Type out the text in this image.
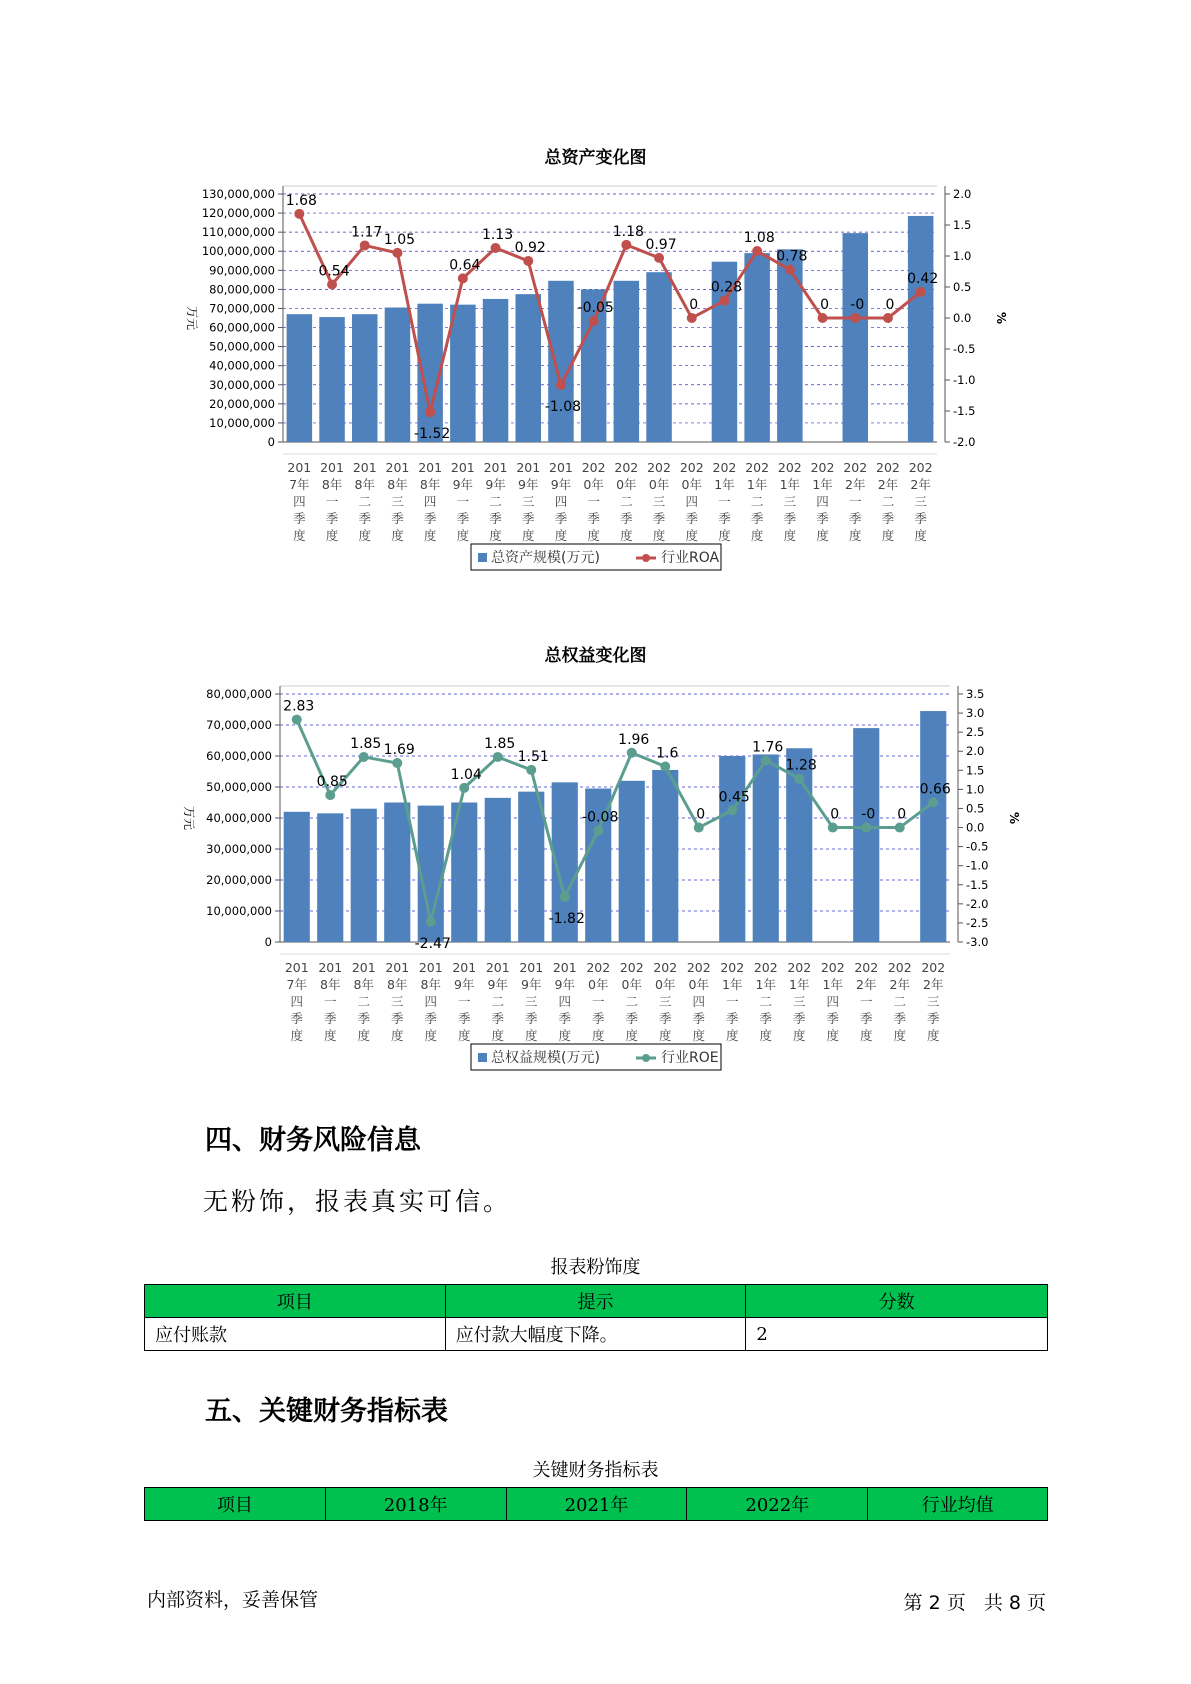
总资产变化图
130,000,000
120,000,000
110,000,000
100,000,000
90,000,000
80,000,000
70,000,000
60,000,000
50,000,000
40,000,000
30,000,000
20,000,000
10,000,000
0
2.0
1.5
1.0
0.5
0.0
-0.5
-1.0
-1.5
-2.0
万元	%
201
7年
四
季
度
201
8年
一
季
度
201
8年
二
季
度
201
8年
三
季
度
201
8年
四
季
度
201
9年
一
季
度
201
9年
二
季
度
201
9年
三
季
度
201
9年
四
季
度
202
0年
一
季
度
202
0年
二
季
度
202
0年
三
季
度
202
0年
四
季
度
202
1年
一
季
度
202
1年
二
季
度
202
1年
三
季
度
202
1年
四
季
度
202
2年
一
季
度
202
2年
二
季
度
202
2年
三
季
度
1.68
0.54
1.17 1.05
-1.52
0.64
1.13
0.92
-1.08
-0.05
1.18
0.97
0
0.28
1.08
0.78
0 -0 0
0.42
总资产规模(万元)	行业ROA
总权益变化图
80,000,000
70,000,000
60,000,000
50,000,000
40,000,000
30,000,000
20,000,000
10,000,000
0
3.5
3.0
2.5
2.0
1.5
1.0
0.5
0.0
-0.5
-1.0
-1.5
-2.0
-2.5
-3.0
万元	%
201
7年
四
季
度
201
8年
一
季
度
201
8年
二
季
度
201
8年
三
季
度
201
8年
四
季
度
201
9年
一
季
度
201
9年
二
季
度
201
9年
三
季
度
201
9年
四
季
度
202
0年
一
季
度
202
0年
二
季
度
202
0年
三
季
度
202
0年
四
季
度
202
1年
一
季
度
202
1年
二
季
度
202
1年
三
季
度
202
1年
四
季
度
202
2年
一
季
度
202
2年
二
季
度
202
2年
三
季
度
2.83
0.85
1.85 1.69
-2.47
1.04
1.85
1.51
-1.82
-0.08
1.96
1.6
0
0.45
1.76
1.28
0 -0 0
0.66
总权益规模(万元)	行业ROE
四、财务风险信息
无粉饰，报表真实可信。
报表粉饰度
项目	提示	分数
应付账款	应付款大幅度下降。	2
五、关键财务指标表
关键财务指标表
项目	2018年	2021年	2022年	行业均值
内部资料，妥善保管	第 2 页   共 8 页
